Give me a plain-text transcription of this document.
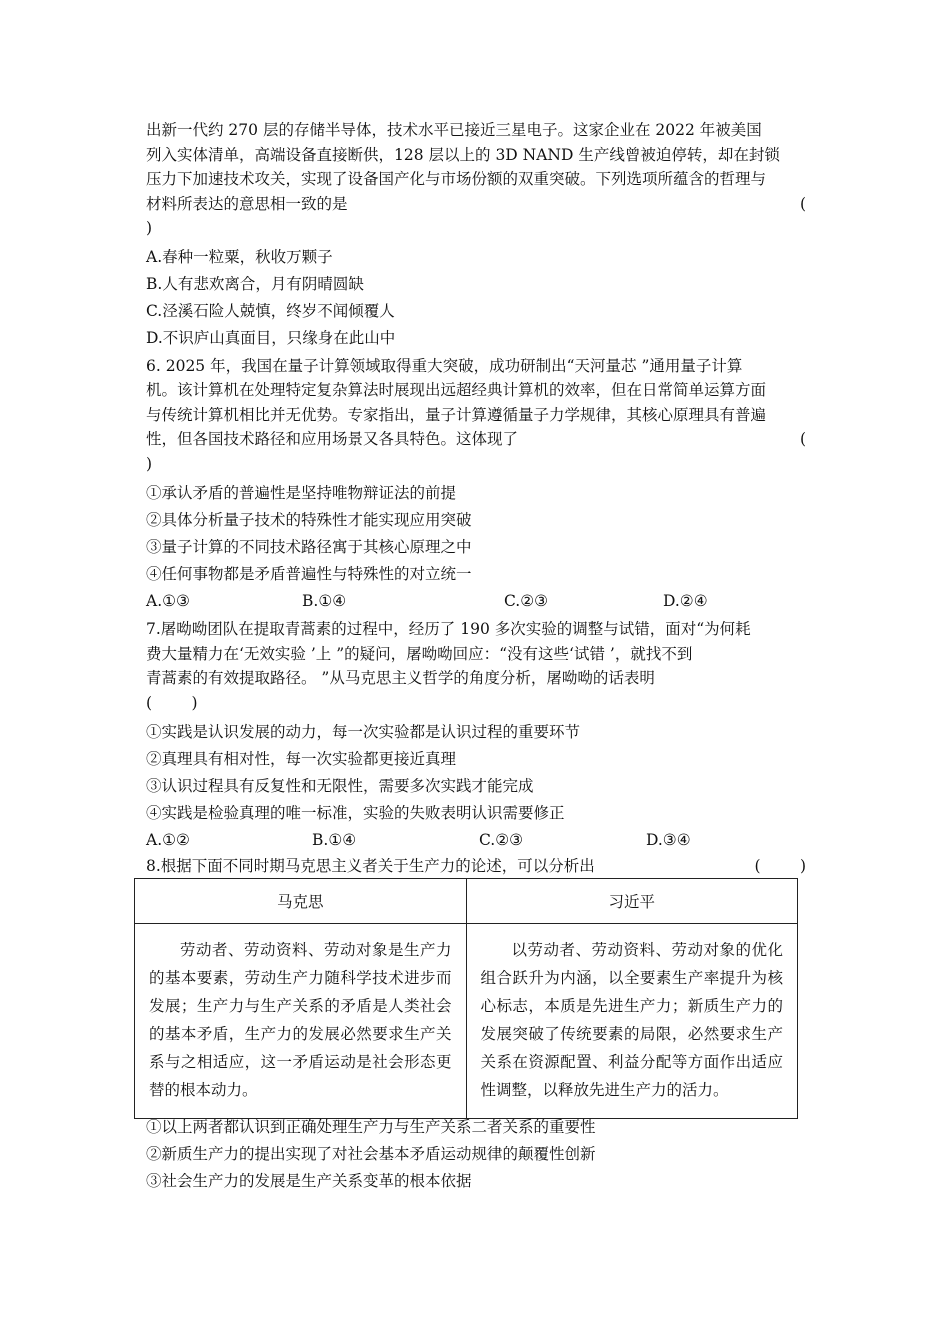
出新一代约 270 层的存储半导体，技术水平已接近三星电子。这家企业在 2022 年被美国
列入实体清单，高端设备直接断供，128 层以上的 3D NAND 生产线曾被迫停转，却在封锁
压力下加速技术攻关，实现了设备国产化与市场份额的双重突破。下列选项所蕴含的哲理与
材料所表达的意思相一致的是	(
)
A.春种一粒粟，秋收万颗子
B.人有悲欢离合，月有阴晴圆缺
C.泾溪石险人兢慎，终岁不闻倾覆人
D.不识庐山真面目，只缘身在此山中
6. 2025 年，我国在量子计算领域取得重大突破，成功研制出“天河量芯 ”通用量子计算
机。该计算机在处理特定复杂算法时展现出远超经典计算机的效率，但在日常简单运算方面
与传统计算机相比并无优势。专家指出，量子计算遵循量子力学规律，其核心原理具有普遍
性，但各国技术路径和应用场景又各具特色。这体现了	(
)
①承认矛盾的普遍性是坚持唯物辩证法的前提
②具体分析量子技术的特殊性才能实现应用突破
③量子计算的不同技术路径寓于其核心原理之中
④任何事物都是矛盾普遍性与特殊性的对立统一
A.①③	B.①④	C.②③	D.②④
7.屠呦呦团队在提取青蒿素的过程中，经历了 190 多次实验的调整与试错，面对“为何耗
费大量精力在‘无效实验 ’上 ”的疑问，屠呦呦回应：“没有这些‘试错 ’，就找不到
青蒿素的有效提取路径。 ”从马克思主义哲学的角度分析，屠呦呦的话表明
(        )
①实践是认识发展的动力，每一次实验都是认识过程的重要环节
②真理具有相对性，每一次实验都更接近真理
③认识过程具有反复性和无限性，需要多次实践才能完成
④实践是检验真理的唯一标准，实验的失败表明认识需要修正
A.①②	B.①④	C.②③	D.③④
8.根据下面不同时期马克思主义者关于生产力的论述，可以分析出	(        )
马克思	习近平
劳动者、劳动资料、劳动对象是生产力的基本要素，劳动生产力随科学技术进步而发展；生产力与生产关系的矛盾是人类社会的基本矛盾，生产力的发展必然要求生产关系与之相适应，这一矛盾运动是社会形态更替的根本动力。	以劳动者、劳动资料、劳动对象的优化组合跃升为内涵，以全要素生产率提升为核心标志，本质是先进生产力；新质生产力的发展突破了传统要素的局限，必然要求生产关系在资源配置、利益分配等方面作出适应性调整，以释放先进生产力的活力。
①以上两者都认识到正确处理生产力与生产关系二者关系的重要性
②新质生产力的提出实现了对社会基本矛盾运动规律的颠覆性创新
③社会生产力的发展是生产关系变革的根本依据
